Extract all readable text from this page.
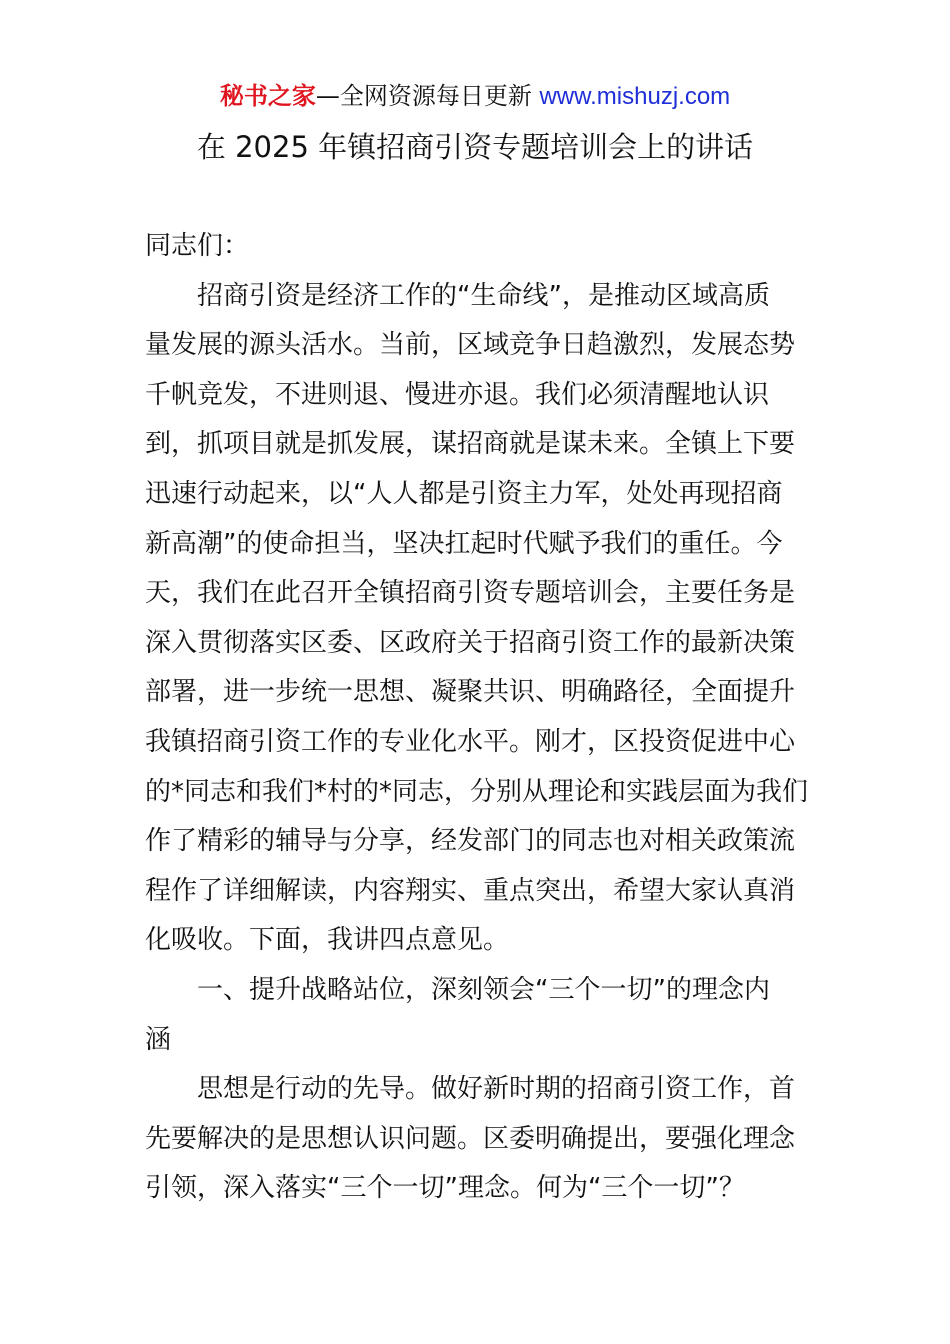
秘书之家—全网资源每日更新 www.mishuzj.com
在 2025 年镇招商引资专题培训会上的讲话
同志们：
　　招商引资是经济工作的“生命线”，是推动区域高质
量发展的源头活水。当前，区域竞争日趋激烈，发展态势
千帆竞发，不进则退、慢进亦退。我们必须清醒地认识
到，抓项目就是抓发展，谋招商就是谋未来。全镇上下要
迅速行动起来，以“人人都是引资主力军，处处再现招商
新高潮”的使命担当，坚决扛起时代赋予我们的重任。今
天，我们在此召开全镇招商引资专题培训会，主要任务是
深入贯彻落实区委、区政府关于招商引资工作的最新决策
部署，进一步统一思想、凝聚共识、明确路径，全面提升
我镇招商引资工作的专业化水平。刚才，区投资促进中心
的*同志和我们*村的*同志，分别从理论和实践层面为我们
作了精彩的辅导与分享，经发部门的同志也对相关政策流
程作了详细解读，内容翔实、重点突出，希望大家认真消
化吸收。下面，我讲四点意见。
　　一、提升战略站位，深刻领会“三个一切”的理念内
涵
　　思想是行动的先导。做好新时期的招商引资工作，首
先要解决的是思想认识问题。区委明确提出，要强化理念
引领，深入落实“三个一切”理念。何为“三个一切”？
